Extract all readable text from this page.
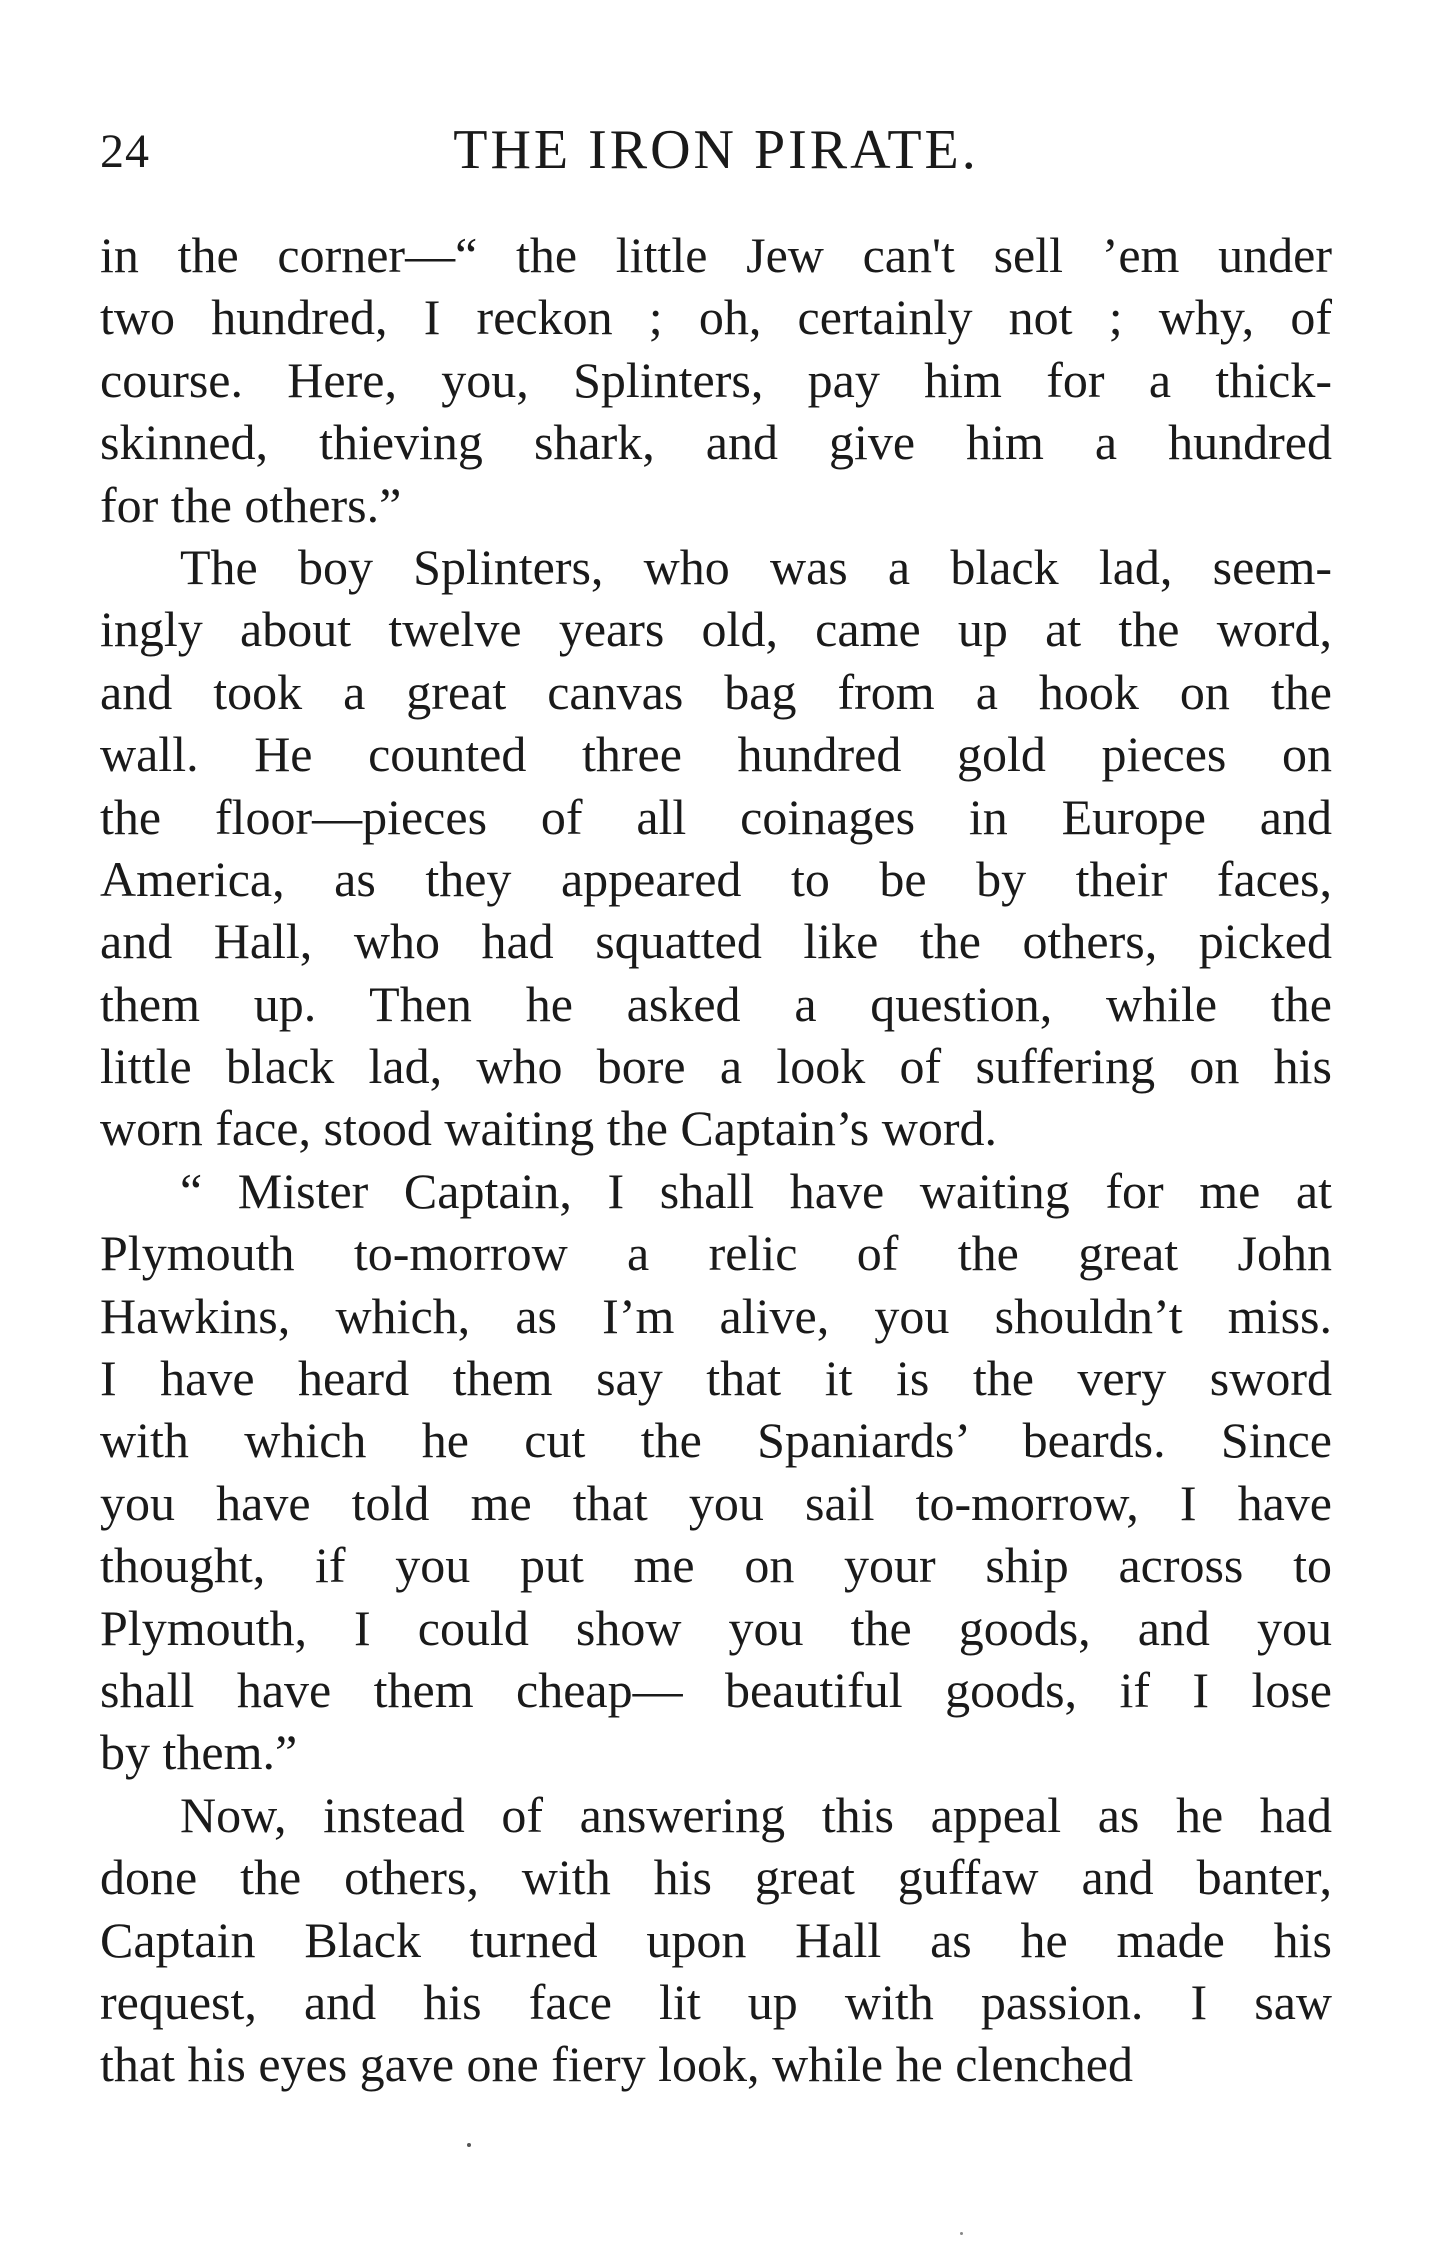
24	THE IRON PIRATE.
in the corner—“ the little Jew can't sell ’em under
two hundred, I reckon ; oh, certainly not ; why, of
course. Here, you, Splinters, pay him for a thick-
skinned, thieving shark, and give him a hundred
for the others.”
The boy Splinters, who was a black lad, seem-
ingly about twelve years old, came up at the word,
and took a great canvas bag from a hook on the
wall. He counted three hundred gold pieces on
the floor—pieces of all coinages in Europe and
America, as they appeared to be by their faces,
and Hall, who had squatted like the others, picked
them up. Then he asked a question, while the
little black lad, who bore a look of suffering on his
worn face, stood waiting the Captain’s word.
“ Mister Captain, I shall have waiting for me at
Plymouth to-morrow a relic of the great John
Hawkins, which, as I’m alive, you shouldn’t miss.
I have heard them say that it is the very sword
with which he cut the Spaniards’ beards. Since
you have told me that you sail to-morrow, I have
thought, if you put me on your ship across to
Plymouth, I could show you the goods, and you
shall have them cheap— beautiful goods, if I lose
by them.”
Now, instead of answering this appeal as he had
done the others, with his great guffaw and banter,
Captain Black turned upon Hall as he made his
request, and his face lit up with passion. I saw
that his eyes gave one fiery look, while he clenched
